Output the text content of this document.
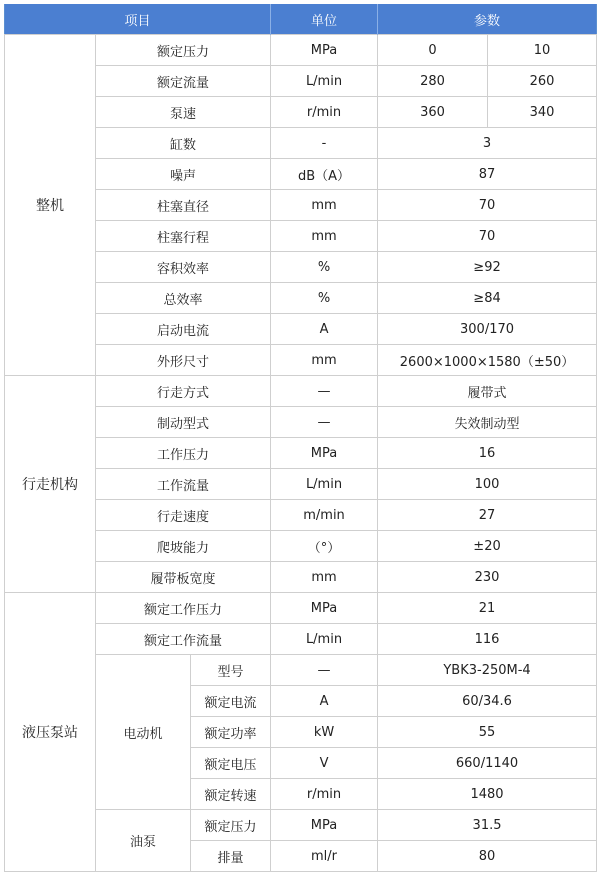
项目			单位	参数	
整机	额定压力		MPa	0	10
	额定流量		L/min	280	260
	泵速		r/min	360	340
	缸数		-	3	
	噪声		dB（A）	87	
	柱塞直径		mm	70	
	柱塞行程		mm	70	
	容积效率		%	≥92	
	总效率		%	≥84	
	启动电流		A	300/170	
	外形尺寸		mm	2600×1000×1580（±50）	
行走机构	行走方式		—	履带式	
	制动型式		—	失效制动型	
	工作压力		MPa	16	
	工作流量		L/min	100	
	行走速度		m/min	27	
	爬坡能力		（°）	±20	
	履带板宽度		mm	230	
液压泵站	额定工作压力		MPa	21	
	额定工作流量		L/min	116	
	电动机	型号	—	YBK3-250M-4	
		额定电流	A	60/34.6	
		额定功率	kW	55	
		额定电压	V	660/1140	
		额定转速	r/min	1480	
	油泵	额定压力	MPa	31.5	
		排量	ml/r	80	
